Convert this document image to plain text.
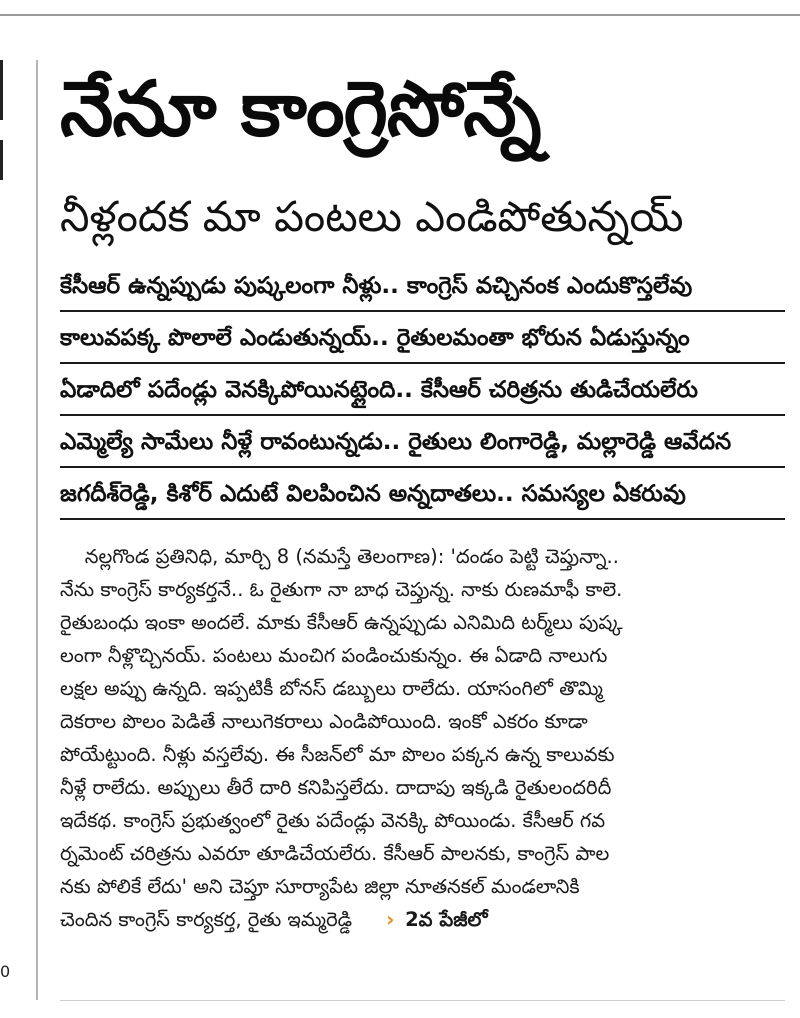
0
నేనూ కాంగ్రెసోన్నే
నీళ్లందక మా పంటలు ఎండిపోతున్నయ్
కేసీఆర్ ఉన్నప్పుడు పుష్కలంగా నీళ్లు.. కాంగ్రెస్ వచ్చినంక ఎందుకొస్తలేవు
కాలువపక్క పొలాలే ఎండుతున్నయ్.. రైతులమంతా భోరున ఏడుస్తున్నం
ఏడాదిలో పదేండ్లు వెనక్కిపోయినట్లైంది.. కేసీఆర్ చరిత్రను తుడిచేయలేరు
ఎమ్మెల్యే సామేలు నీళ్లే రావంటున్నడు.. రైతులు లింగారెడ్డి, మల్లారెడ్డి ఆవేదన
జగదీశ్‌రెడ్డి, కిశోర్ ఎదుటే విలపించిన అన్నదాతలు.. సమస్యల ఏకరువు
నల్లగొండ ప్రతినిధి, మార్చి 8 (నమస్తే తెలంగాణ): 'దండం పెట్టి చెప్తున్నా..
నేను కాంగ్రెస్ కార్యకర్తనే.. ఓ రైతుగా నా బాధ చెప్తున్న. నాకు రుణమాఫీ కాలె.
రైతుబంధు ఇంకా అందలే. మాకు కేసీఆర్ ఉన్నప్పుడు ఎనిమిది టర్మ్‌లు పుష్క
లంగా నీళ్లొచ్చినయ్. పంటలు మంచిగ పండించుకున్నం. ఈ ఏడాది నాలుగు
లక్షల అప్పు ఉన్నది. ఇప్పటికీ బోనస్ డబ్బులు రాలేదు. యాసంగిలో తొమ్మి
దెకరాల పొలం పెడితే నాలుగెకరాలు ఎండిపోయింది. ఇంకో ఎకరం కూడా
పోయేట్టుంది. నీళ్లు వస్తలేవు. ఈ సీజన్‌లో మా పొలం పక్కన ఉన్న కాలువకు
నీళ్లే రాలేదు. అప్పులు తీరే దారి కనిపిస్తలేదు. దాదాపు ఇక్కడి రైతులందరిదీ
ఇదేకథ. కాంగ్రెస్ ప్రభుత్వంలో రైతు పదేండ్లు వెనక్కి పోయిండు. కేసీఆర్ గవ
ర్నమెంట్ చరిత్రను ఎవరూ తూడిచేయలేరు. కేసీఆర్ పాలనకు, కాంగ్రెస్ పాల
నకు పోలికే లేదు' అని చెప్తూ సూర్యాపేట జిల్లా నూతనకల్ మండలానికి
చెందిన కాంగ్రెస్ కార్యకర్త, రైతు ఇమ్మరెడ్డి › 2వ పేజీలో
